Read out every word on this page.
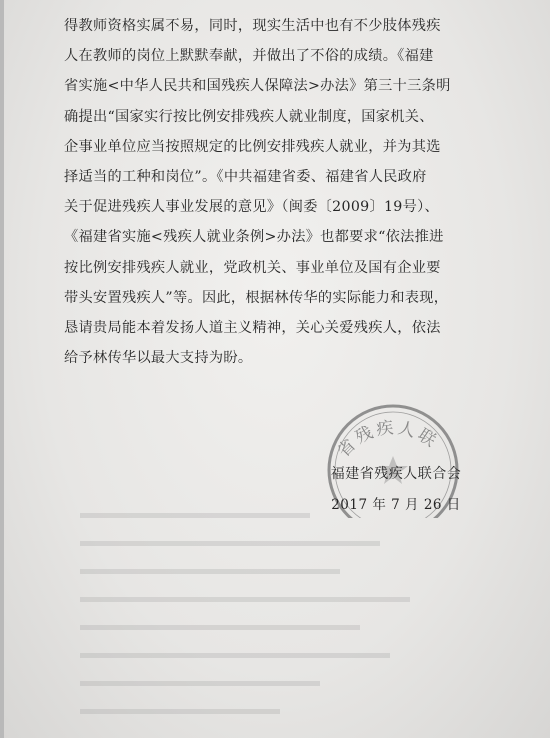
得教师资格实属不易，同时，现实生活中也有不少肢体残疾
人在教师的岗位上默默奉献，并做出了不俗的成绩。《福建
省实施<中华人民共和国残疾人保障法>办法》第三十三条明
确提出“国家实行按比例安排残疾人就业制度，国家机关、
企事业单位应当按照规定的比例安排残疾人就业，并为其选
择适当的工种和岗位”。《中共福建省委、福建省人民政府
关于促进残疾人事业发展的意见》（闽委〔2009〕19号）、
《福建省实施<残疾人就业条例>办法》也都要求“依法推进
按比例安排残疾人就业，党政机关、事业单位及国有企业要
带头安置残疾人”等。因此，根据林传华的实际能力和表现，
恳请贵局能本着发扬人道主义精神，关心关爱残疾人，依法
给予林传华以最大支持为盼。
省残疾人联
福建省残疾人联合会
2017 年 7 月 26 日
